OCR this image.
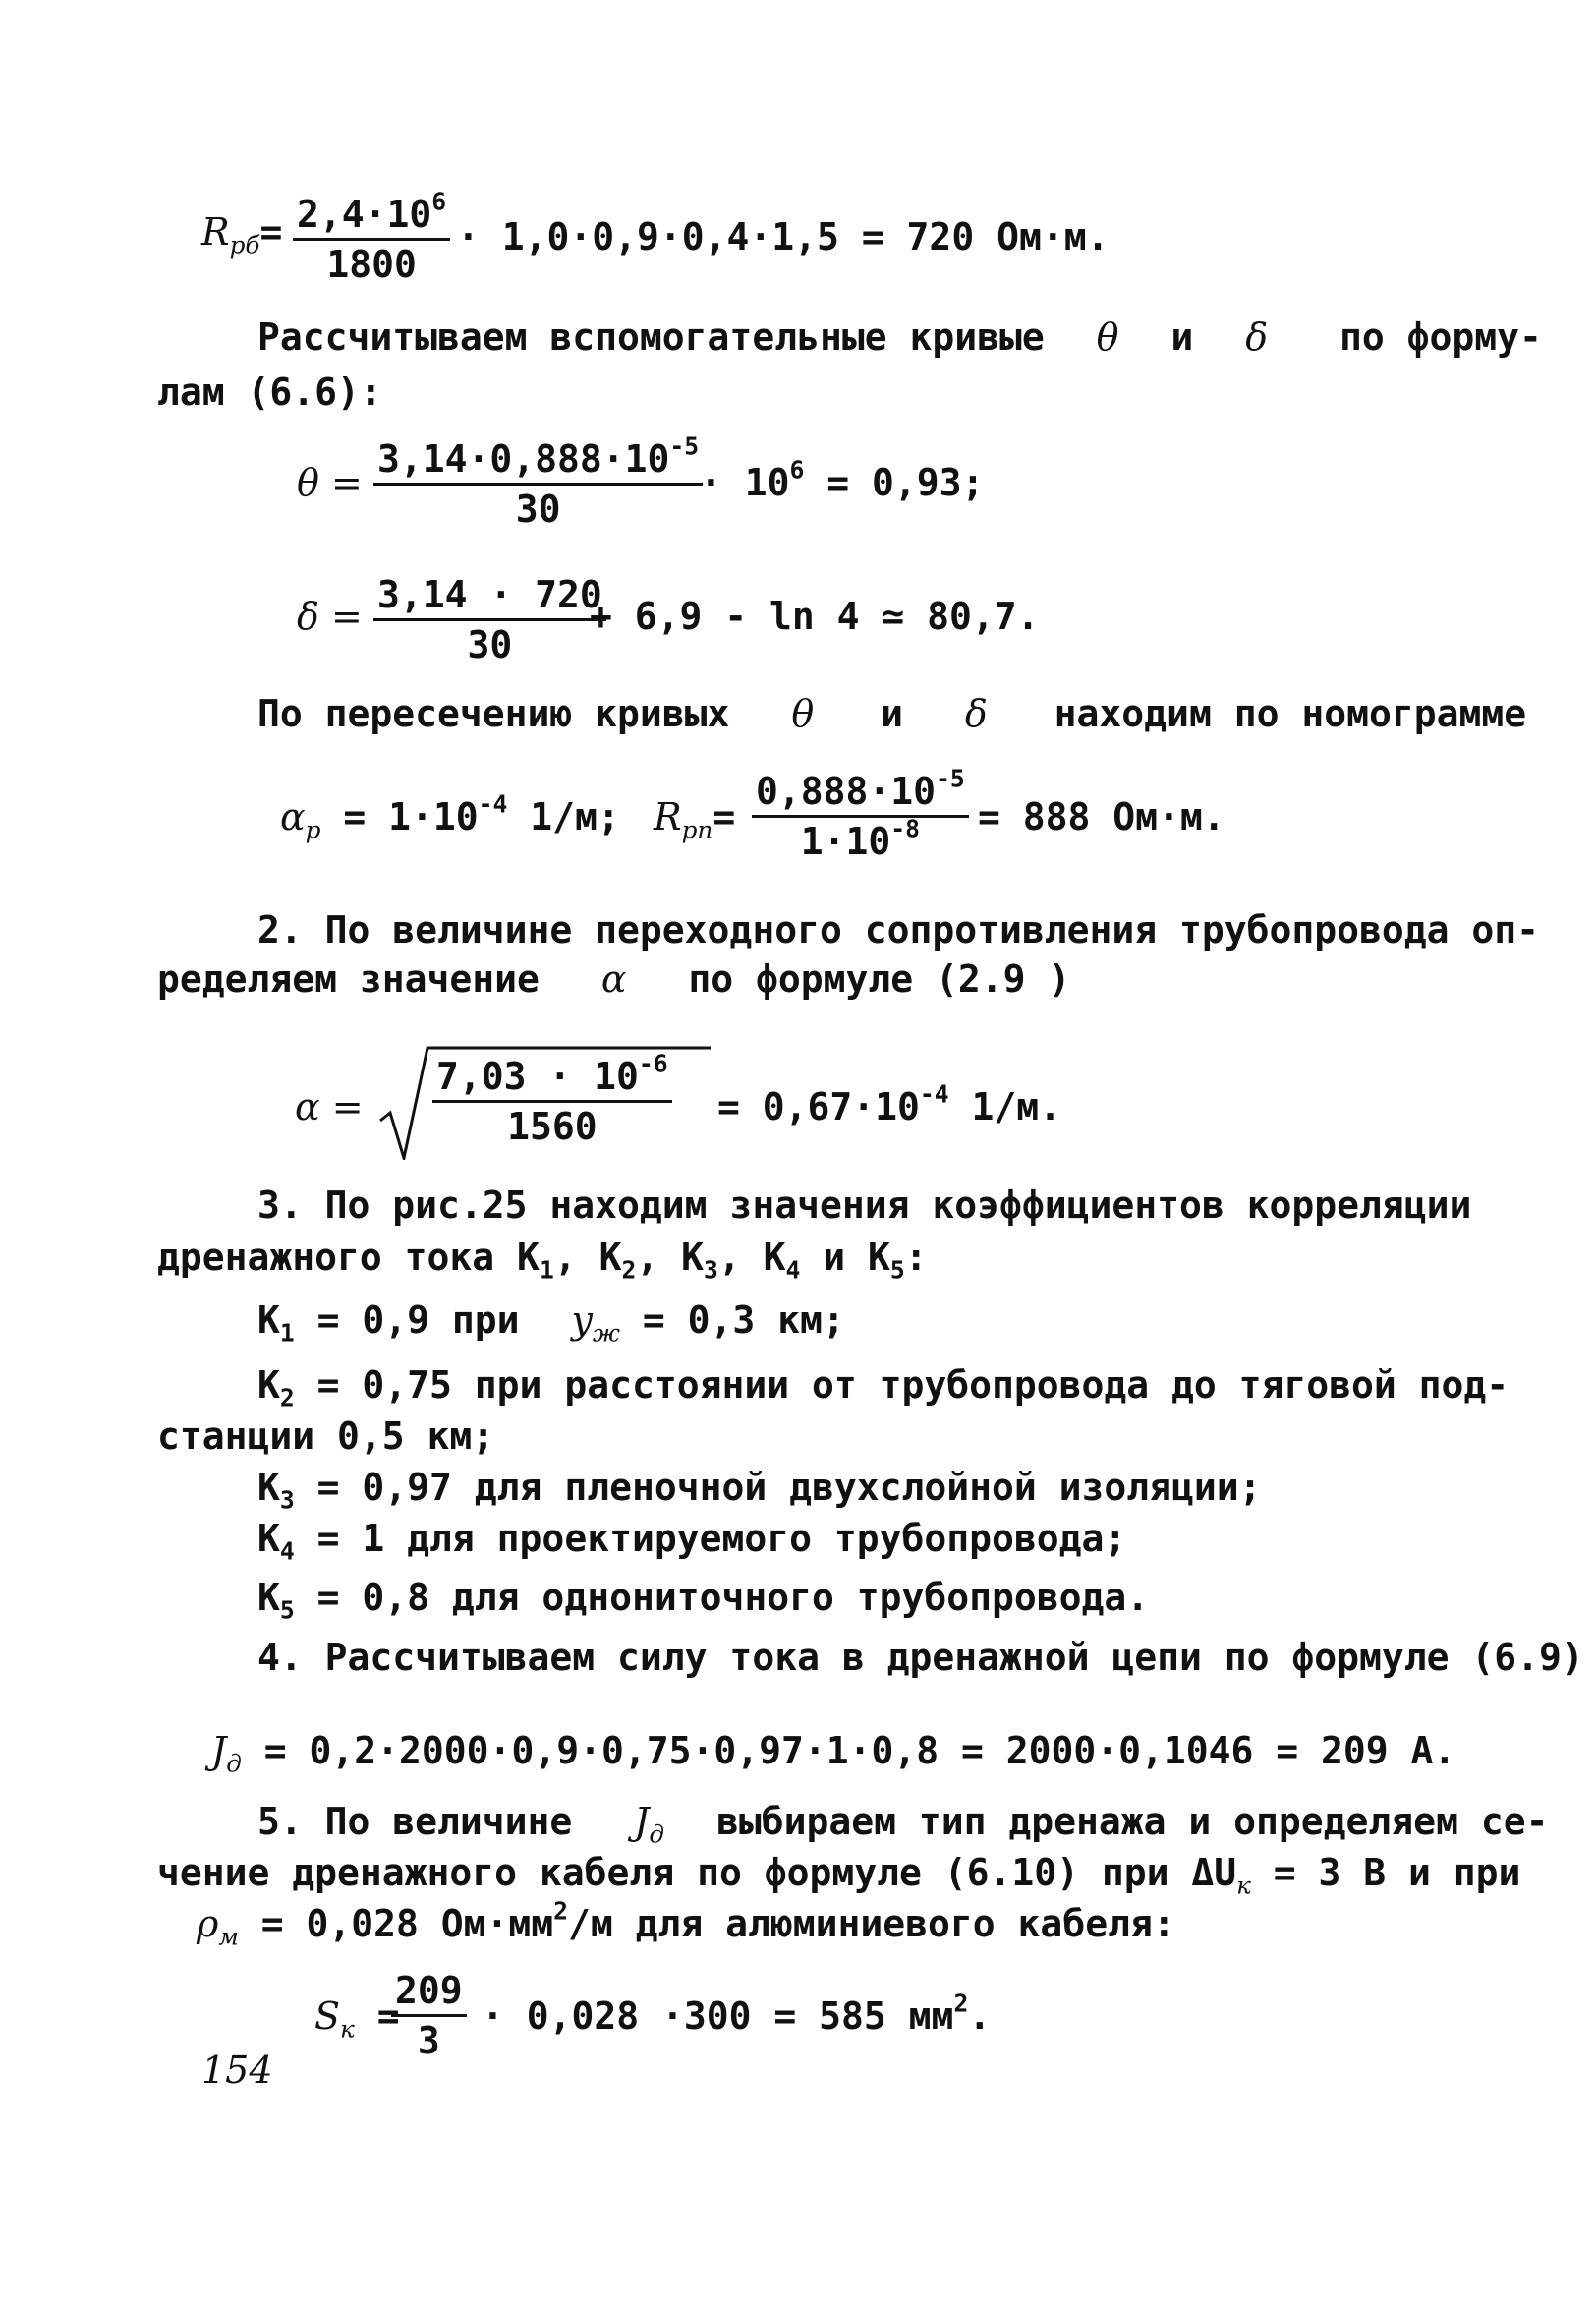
$R_{рб}= \frac{2,4\cdot 10^6}{1800} \cdot 1,0\cdot 0,9\cdot 0,4\cdot 1,5 = 720$ Ом·м.
Рассчитываем вспомогательные кривые θ и δ по форму-
лам (6.6):
$\theta = \frac{3,14\cdot 0,888\cdot 10^{-5}}{30}$
· $10^6 = 0,93$;
$\delta = \frac{3,14 \cdot 720}{30}$
+ 6,9 - ln 4 ≃ 80,7.
По пересечению кривых θ и δ находим по номограмме
$\alpha_р = 1\cdot 10^{-4}$ 1/м; $R_{рп}= \frac{0,888\cdot 10^{-5}}{1\cdot 10^{-8}} = 888$ Ом·м.
2. По величине переходного сопротивления трубопровода оп-
ределяем значение α по формуле (2.9 )
$\alpha = \frac{7,03 \cdot 10^{-6}}{1560} = 0,67\cdot 10^{-4}$ 1/м.
3. По рис.25 находим значения коэффициентов корреляции
дренажного тока $К_1$, $К_2$, $К_3$, $К_4$ и $К_5$:
$К_1 = 0,9$ при $y_ж = 0,3$ км;
$К_2 = 0,75$ при расстоянии от трубопровода до тяговой под-
станции 0,5 км;
$К_3 = 0,97$ для пленочной двухслойной изоляции;
$К_4 = 1$ для проектируемого трубопровода;
$К_5 = 0,8$ для однониточного трубопровода.
4. Рассчитываем силу тока в дренажной цепи по формуле (6.9)
$J_д = 0,2\cdot 2000\cdot 0,9\cdot 0,75\cdot 0,97\cdot 1\cdot 0,8 = 2000\cdot 0,1046 = 209$ А.
5. По величине $J_д$ выбираем тип дренажа и определяем се-
чение дренажного кабеля по формуле (6.10) при $\Delta U_к = 3$ В и при
$\rho_м = 0,028$ $Ом\cdot мм^2/м$ для алюминиевого кабеля:
$S_к$ =
$\frac{209}{3} \cdot 0,028 \cdot 300 = 585$ $мм^2$.
154
